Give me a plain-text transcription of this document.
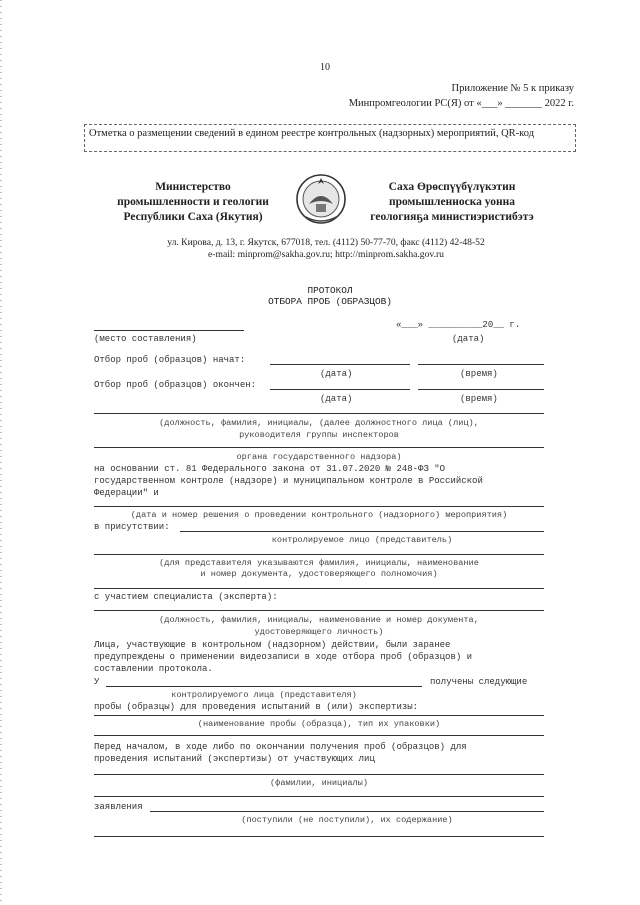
10
Приложение № 5 к приказу
Минпромгеологии РС(Я) от «___» _______ 2022 г.
Отметка о размещении сведений в едином реестре контрольных (надзорных) мероприятий, QR-код
Министерство
промышленности и геологии
Республики Саха (Якутия)
Саха Өрөспүүбүлүкэтин
промышленноска уонна
геологияҕа министиэристибэтэ
ул. Кирова, д. 13, г. Якутск, 677018, тел. (4112) 50-77-70, факс (4112) 42-48-52
e-mail: minprom@sakha.gov.ru; http://minprom.sakha.gov.ru
ПРОТОКОЛ
ОТБОРА ПРОБ (ОБРАЗЦОВ)
«___» __________20__ г.
(место составления)	(дата)
Отбор проб (образцов) начат:
(дата)	(время)
Отбор проб (образцов) окончен:
(дата)	(время)
(должность, фамилия, инициалы, (далее должностного лица (лиц),
руководителя группы инспекторов
органа государственного надзора)
на основании ст. 81 Федерального закона от 31.07.2020 № 248-ФЗ "О
государственном контроле (надзоре) и муниципальном контроле в Российской
Федерации" и
(дата и номер решения о проведении контрольного (надзорного) мероприятия)
в присутствии:
контролируемое лицо (представитель)
(для представителя указываются фамилия, инициалы, наименование
и номер документа, удостоверяющего полномочия)
с участием специалиста (эксперта):
(должность, фамилия, инициалы, наименование и номер документа,
удостоверяющего личность)
Лица, участвующие в контрольном (надзорном) действии, были заранее
предупреждены о применении видеозаписи в ходе отбора проб (образцов) и
составлении протокола.
У	получены следующие
контролируемого лица (представителя)
пробы (образцы) для проведения испытаний в (или) экспертизы:
(наименование пробы (образца), тип их упаковки)
Перед началом, в ходе либо по окончании получения проб (образцов) для
проведения испытаний (экспертизы) от участвующих лиц
(фамилии, инициалы)
заявления
(поступили (не поступили), их содержание)
